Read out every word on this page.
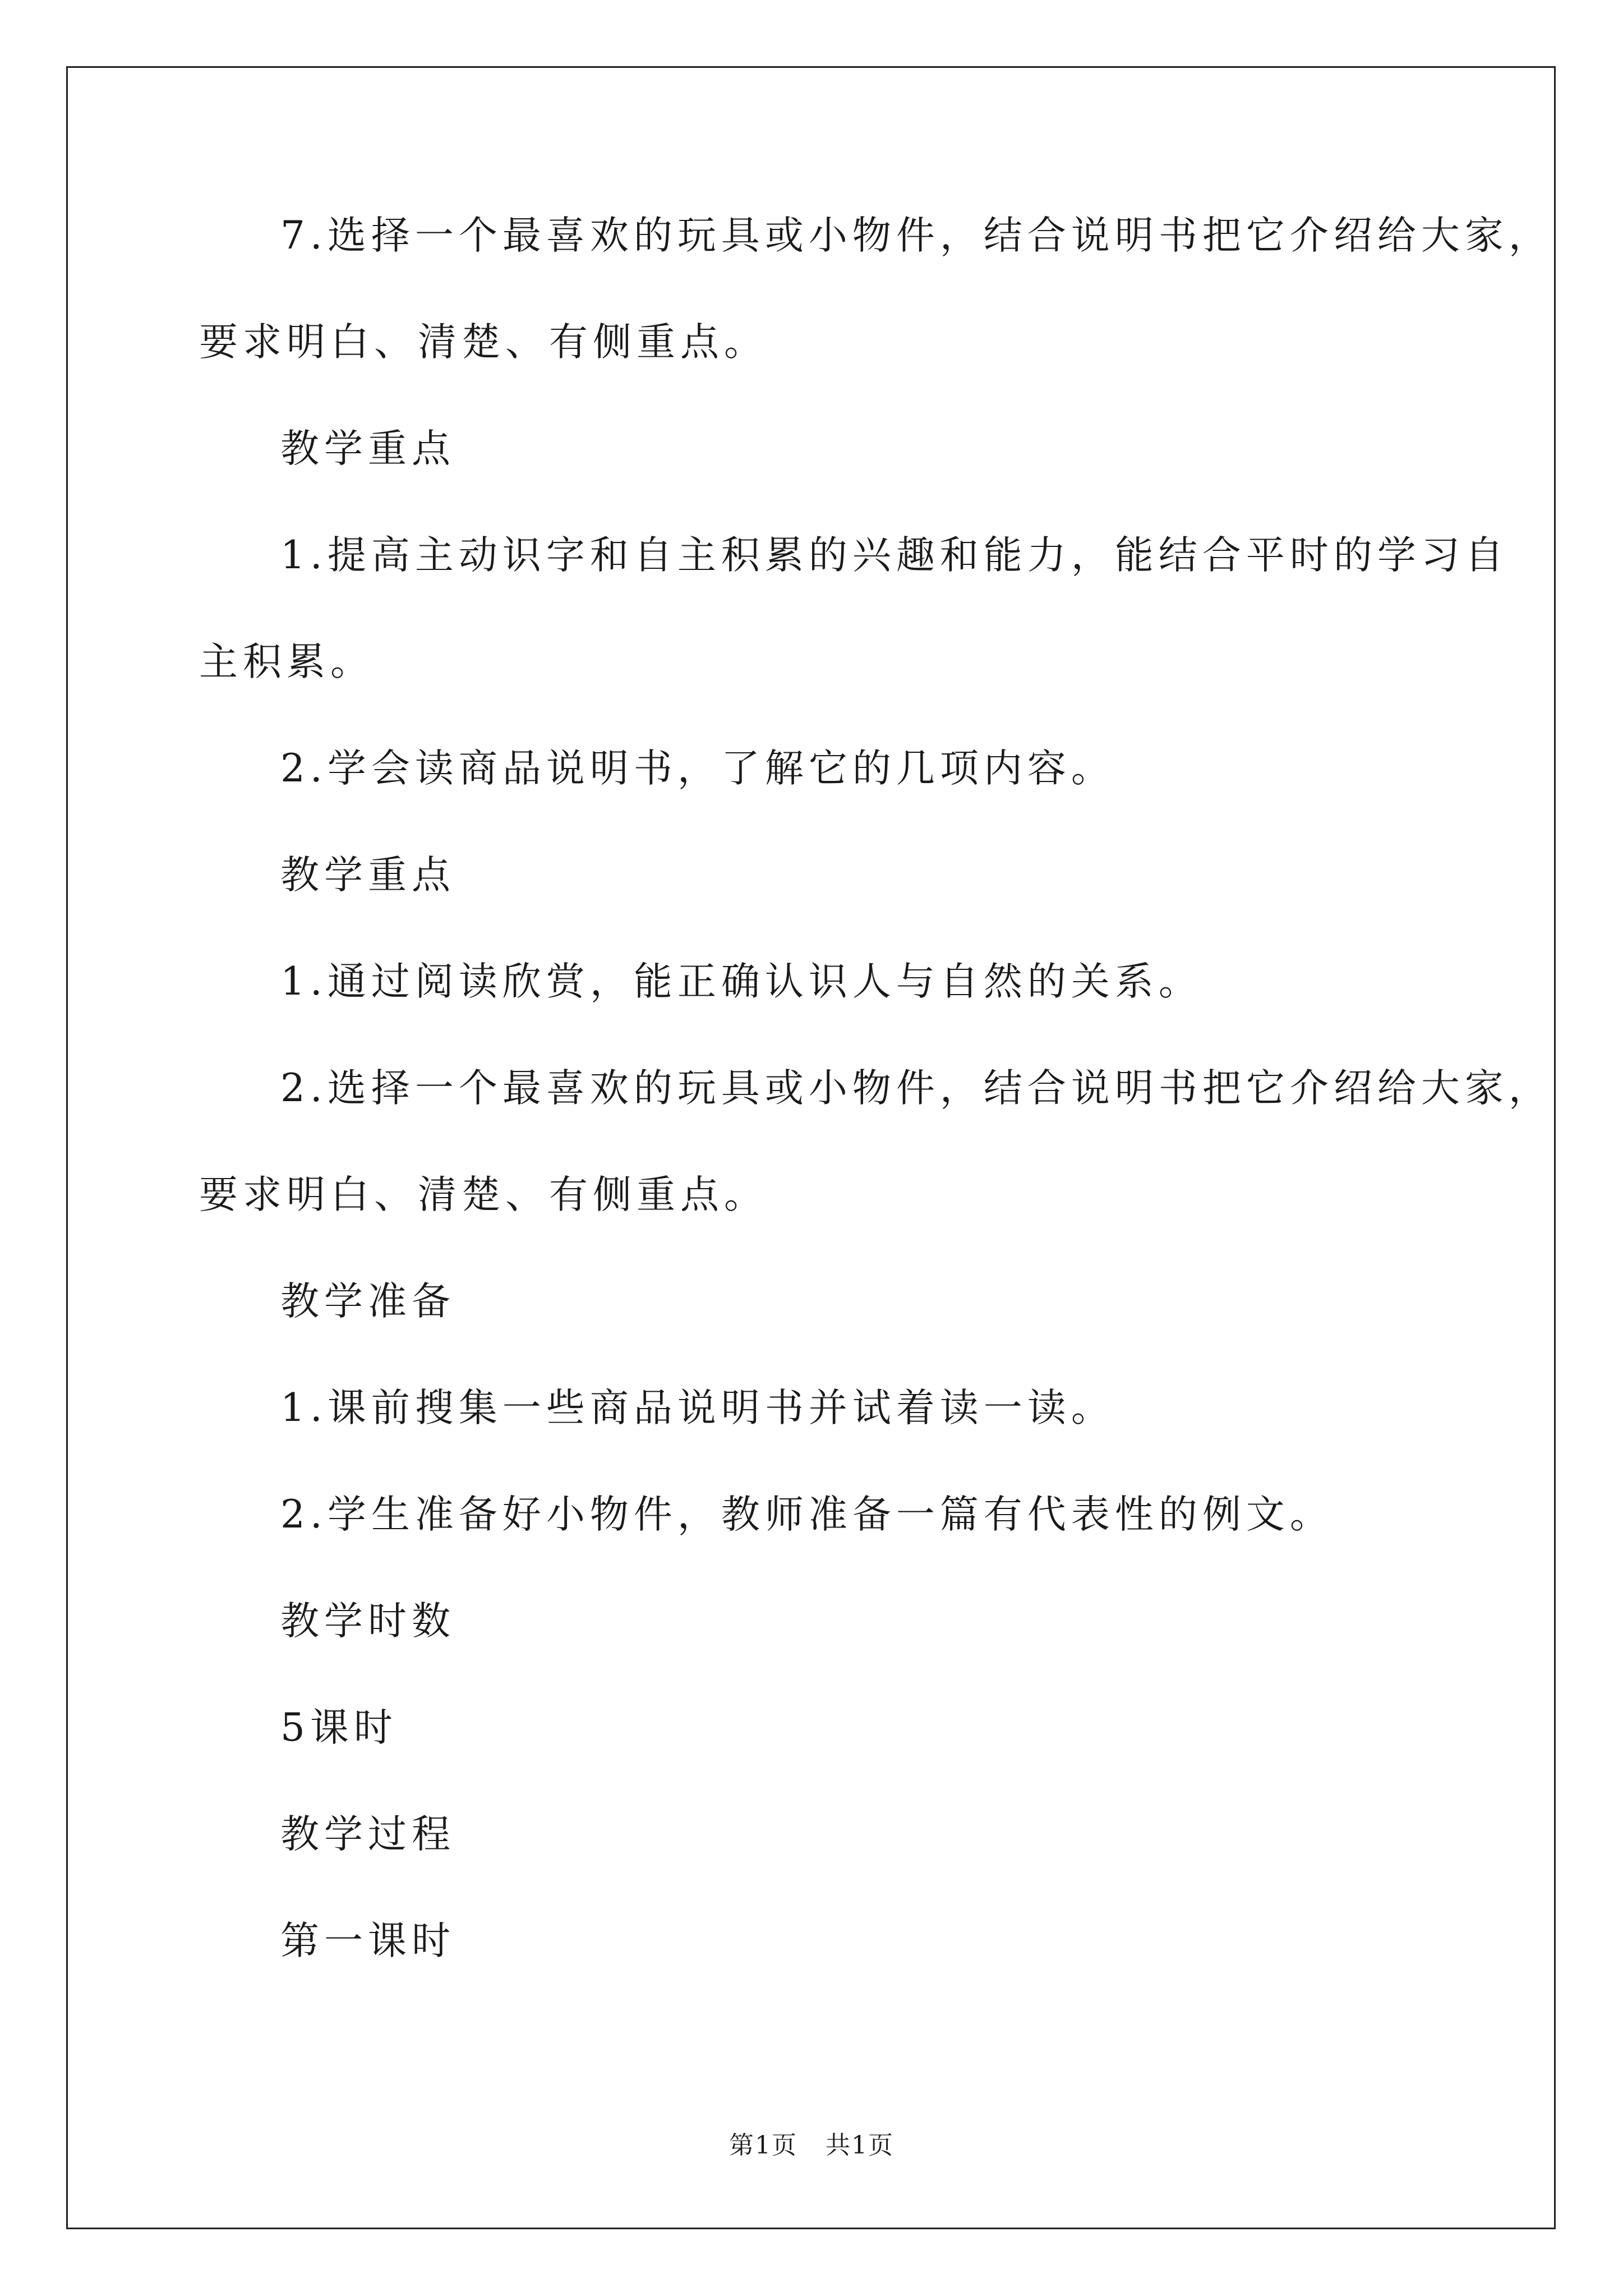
7.选择一个最喜欢的玩具或小物件，结合说明书把它介绍给大家，
要求明白、清楚、有侧重点。
教学重点
1.提高主动识字和自主积累的兴趣和能力，能结合平时的学习自
主积累。
2.学会读商品说明书，了解它的几项内容。
教学重点
1.通过阅读欣赏，能正确认识人与自然的关系。
2.选择一个最喜欢的玩具或小物件，结合说明书把它介绍给大家，
要求明白、清楚、有侧重点。
教学准备
1.课前搜集一些商品说明书并试着读一读。
2.学生准备好小物件，教师准备一篇有代表性的例文。
教学时数
5课时
教学过程
第一课时
第1页 共1页
